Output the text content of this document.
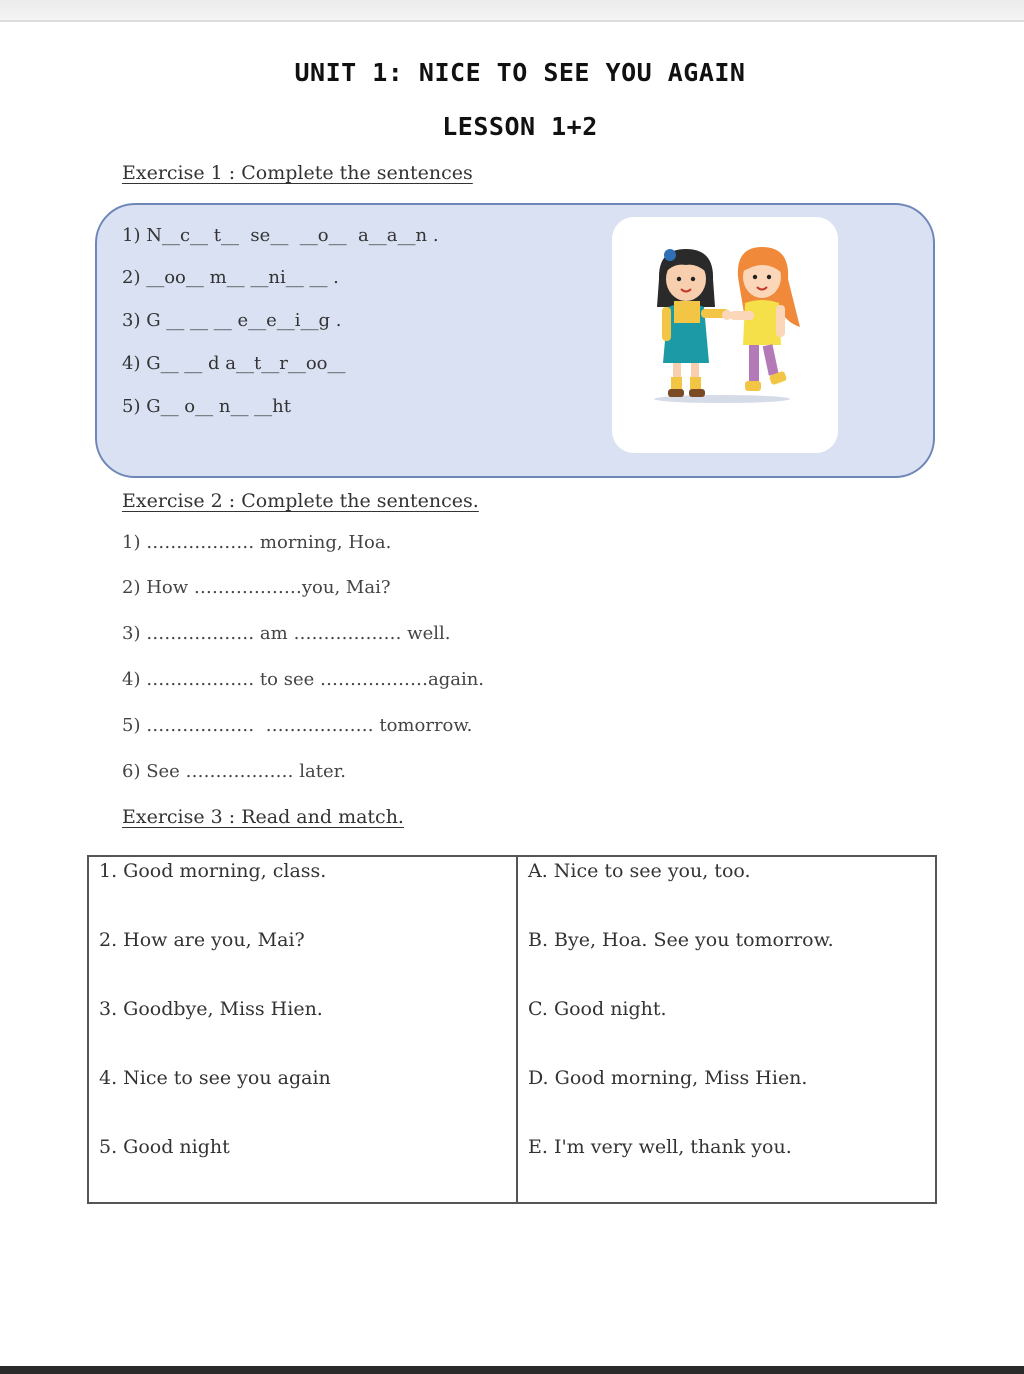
UNIT 1: NICE TO SEE YOU AGAIN
LESSON 1+2
Exercise 1 : Complete the sentences
1) N__c__ t__  se__  __o__  a__a__n .
2) __oo__ m__ __ni__ __ .
3) G __ __ __ e__e__i__g .
4) G__ __ d a__t__r__oo__
5) G__ o__ n__ __ht
Exercise 2 : Complete the sentences.
1) ……………… morning, Hoa.
2) How ………………you, Mai?
3) ……………… am ……………… well.
4) ……………… to see ………………again.
5) ………………  ……………… tomorrow.
6) See ……………… later.
Exercise 3 : Read and match.
1. Good morning, class.	A. Nice to see you, too.
2. How are you, Mai?	B. Bye, Hoa. See you tomorrow.
3. Goodbye, Miss Hien.	C. Good night.
4. Nice to see you again	D. Good morning, Miss Hien.
5. Good night	E. I'm very well, thank you.
